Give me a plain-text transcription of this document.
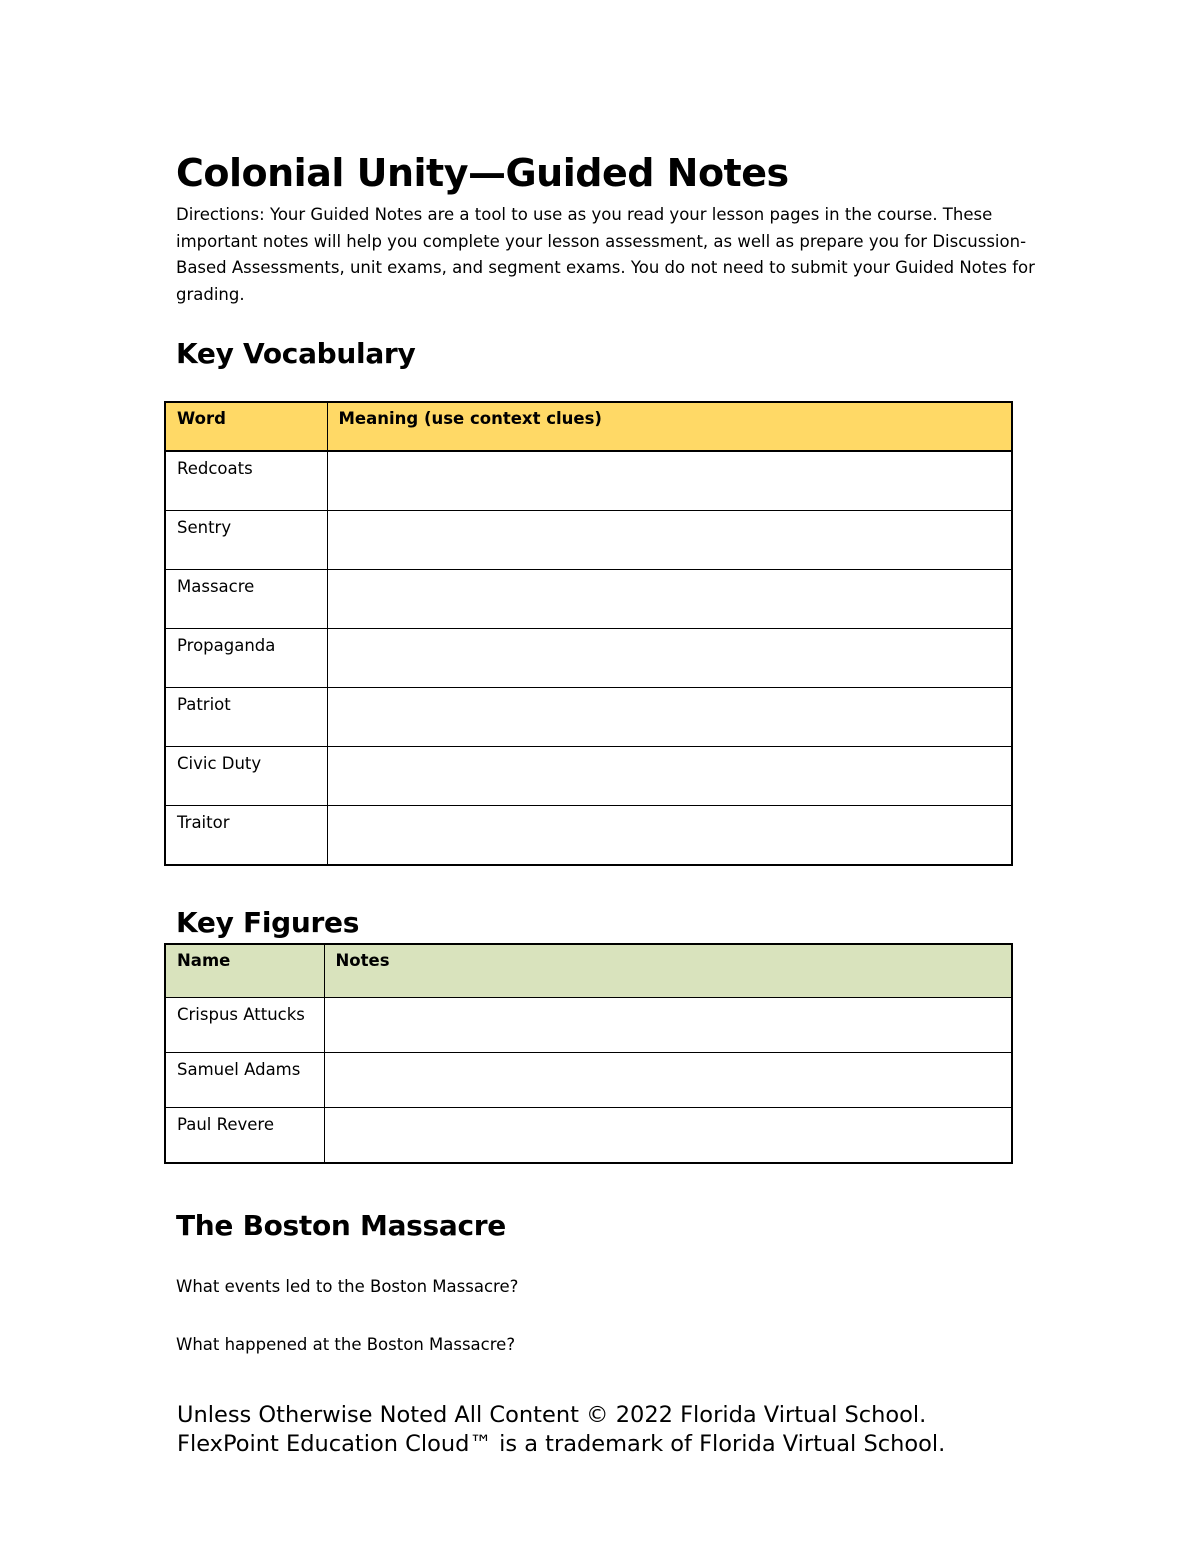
Colonial Unity—Guided Notes

Directions: Your Guided Notes are a tool to use as you read your lesson pages in the course. These important notes will help you complete your lesson assessment, as well as prepare you for Discussion-Based Assessments, unit exams, and segment exams. You do not need to submit your Guided Notes for grading.

Key Vocabulary
Word	Meaning (use context clues)
Redcoats	
Sentry	
Massacre	
Propaganda	
Patriot	
Civic Duty	
Traitor	
Key Figures
Name	Notes
Crispus Attucks	
Samuel Adams	
Paul Revere	
The Boston Massacre

What events led to the Boston Massacre?

What happened at the Boston Massacre?

Unless Otherwise Noted All Content © 2022 Florida Virtual School.
FlexPoint Education Cloud™ is a trademark of Florida Virtual School.
